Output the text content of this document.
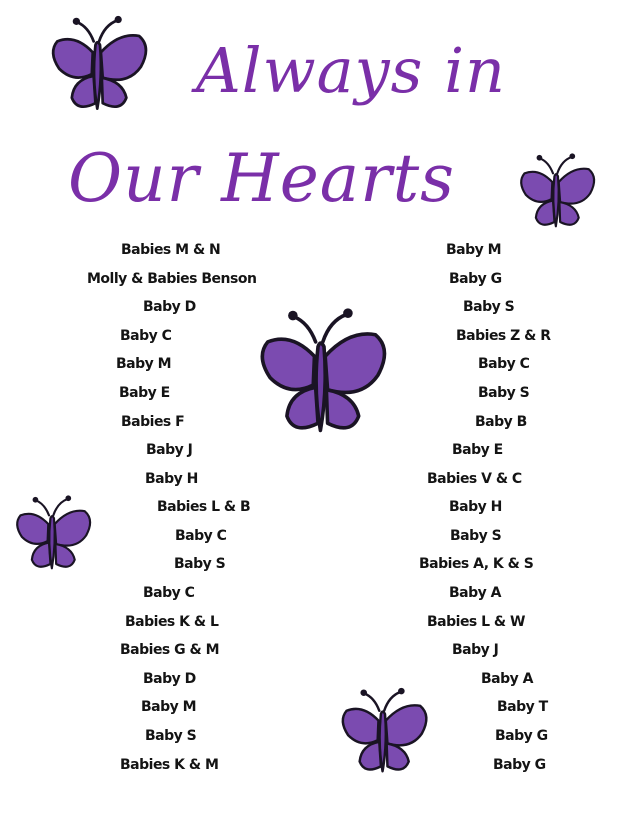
Always in
Our Hearts
Babies M & N
Molly & Babies Benson
Baby D
Baby C
Baby M
Baby E
Babies F
Baby J
Baby H
Babies L & B
Baby C
Baby S
Baby C
Babies K & L
Babies G & M
Baby D
Baby M
Baby S
Babies K & M
Baby M
Baby G
Baby S
Babies Z & R
Baby C
Baby S
Baby B
Baby E
Babies V & C
Baby H
Baby S
Babies A, K & S
Baby A
Babies L & W
Baby J
Baby A
Baby T
Baby G
Baby G
